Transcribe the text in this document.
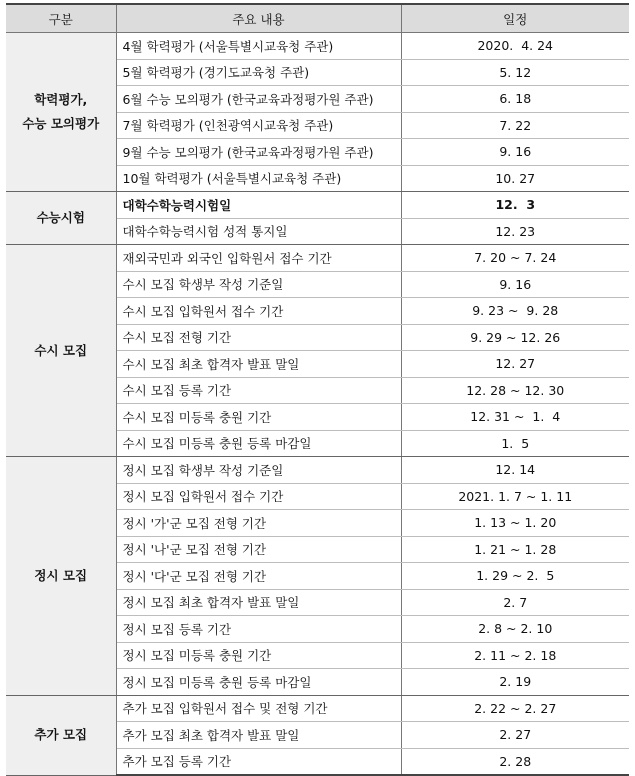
구분	주요 내용	일정
학력평가,
수능 모의평가	4월 학력평가 (서울특별시교육청 주관)	2020.  4. 24
	5월 학력평가 (경기도교육청 주관)	5. 12
	6월 수능 모의평가 (한국교육과정평가원 주관)	6. 18
	7월 학력평가 (인천광역시교육청 주관)	7. 22
	9월 수능 모의평가 (한국교육과정평가원 주관)	9. 16
	10월 학력평가 (서울특별시교육청 주관)	10. 27
수능시험	대학수학능력시험일	12.  3
	대학수학능력시험 성적 통지일	12. 23
수시 모집	재외국민과 외국인 입학원서 접수 기간	7. 20 ~ 7. 24
	수시 모집 학생부 작성 기준일	9. 16
	수시 모집 입학원서 접수 기간	9. 23 ~  9. 28
	수시 모집 전형 기간	9. 29 ~ 12. 26
	수시 모집 최초 합격자 발표 말일	12. 27
	수시 모집 등록 기간	12. 28 ~ 12. 30
	수시 모집 미등록 충원 기간	12. 31 ~  1.  4
	수시 모집 미등록 충원 등록 마감일	1.  5
정시 모집	정시 모집 학생부 작성 기준일	12. 14
	정시 모집 입학원서 접수 기간	2021. 1. 7 ~ 1. 11
	정시 '가'군 모집 전형 기간	1. 13 ~ 1. 20
	정시 '나'군 모집 전형 기간	1. 21 ~ 1. 28
	정시 '다'군 모집 전형 기간	1. 29 ~ 2.  5
	정시 모집 최초 합격자 발표 말일	2. 7
	정시 모집 등록 기간	2. 8 ~ 2. 10
	정시 모집 미등록 충원 기간	2. 11 ~ 2. 18
	정시 모집 미등록 충원 등록 마감일	2. 19
추가 모집	추가 모집 입학원서 접수 및 전형 기간	2. 22 ~ 2. 27
	추가 모집 최초 합격자 발표 말일	2. 27
	추가 모집 등록 기간	2. 28
